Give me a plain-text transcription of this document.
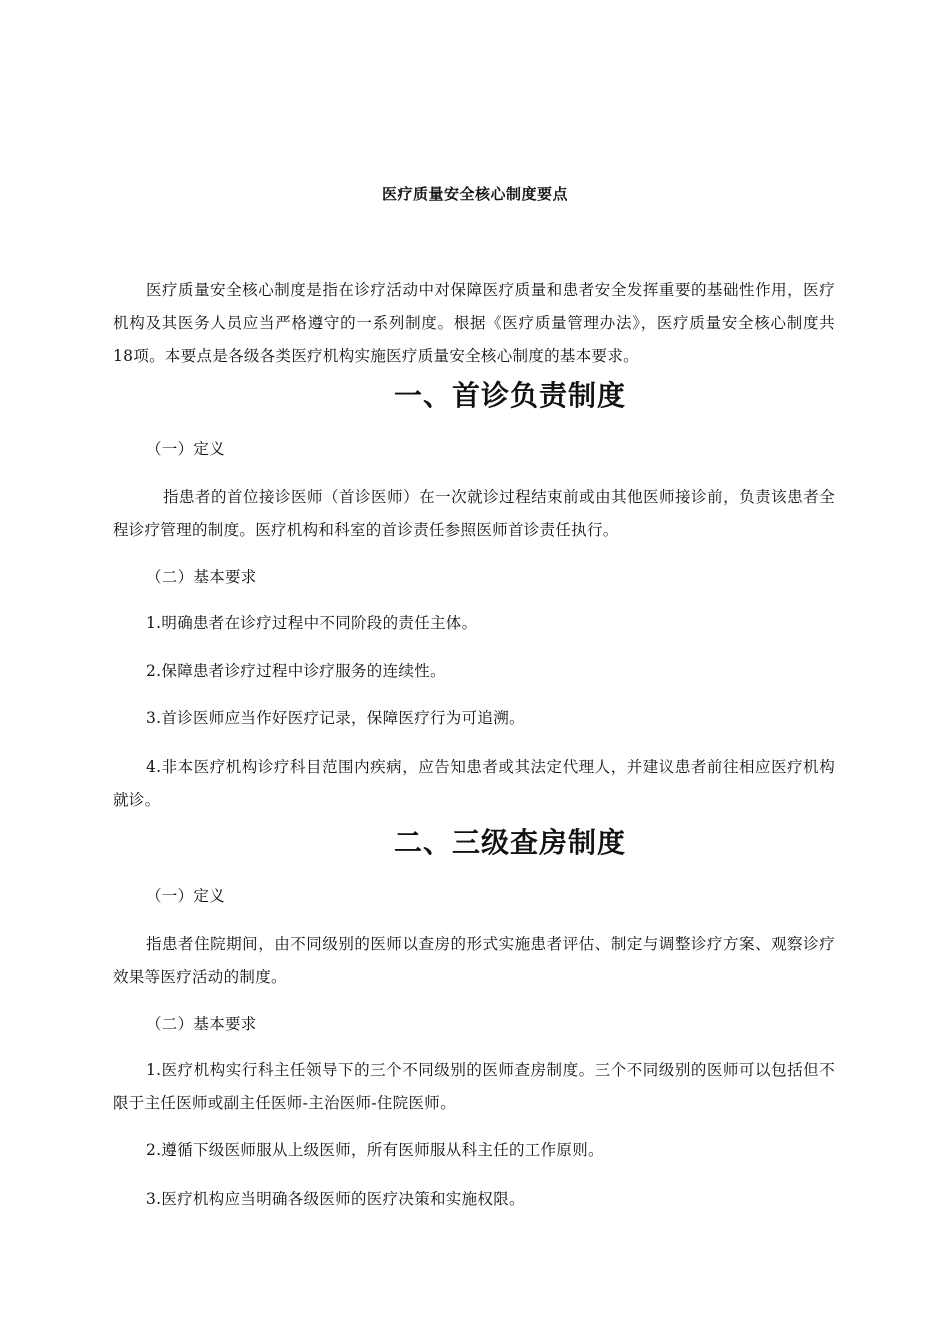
医疗质量安全核心制度要点
医疗质量安全核心制度是指在诊疗活动中对保障医疗质量和患者安全发挥重要的基础性作用，医疗机构及其医务人员应当严格遵守的一系列制度。根据《医疗质量管理办法》，医疗质量安全核心制度共18项。本要点是各级各类医疗机构实施医疗质量安全核心制度的基本要求。
一、首诊负责制度
（一）定义
指患者的首位接诊医师（首诊医师）在一次就诊过程结束前或由其他医师接诊前，负责该患者全程诊疗管理的制度。医疗机构和科室的首诊责任参照医师首诊责任执行。
（二）基本要求
1.明确患者在诊疗过程中不同阶段的责任主体。
2.保障患者诊疗过程中诊疗服务的连续性。
3.首诊医师应当作好医疗记录，保障医疗行为可追溯。
4.非本医疗机构诊疗科目范围内疾病，应告知患者或其法定代理人，并建议患者前往相应医疗机构就诊。
二、三级查房制度
（一）定义
指患者住院期间，由不同级别的医师以查房的形式实施患者评估、制定与调整诊疗方案、观察诊疗效果等医疗活动的制度。
（二）基本要求
1.医疗机构实行科主任领导下的三个不同级别的医师查房制度。三个不同级别的医师可以包括但不限于主任医师或副主任医师-主治医师-住院医师。
2.遵循下级医师服从上级医师，所有医师服从科主任的工作原则。
3.医疗机构应当明确各级医师的医疗决策和实施权限。
